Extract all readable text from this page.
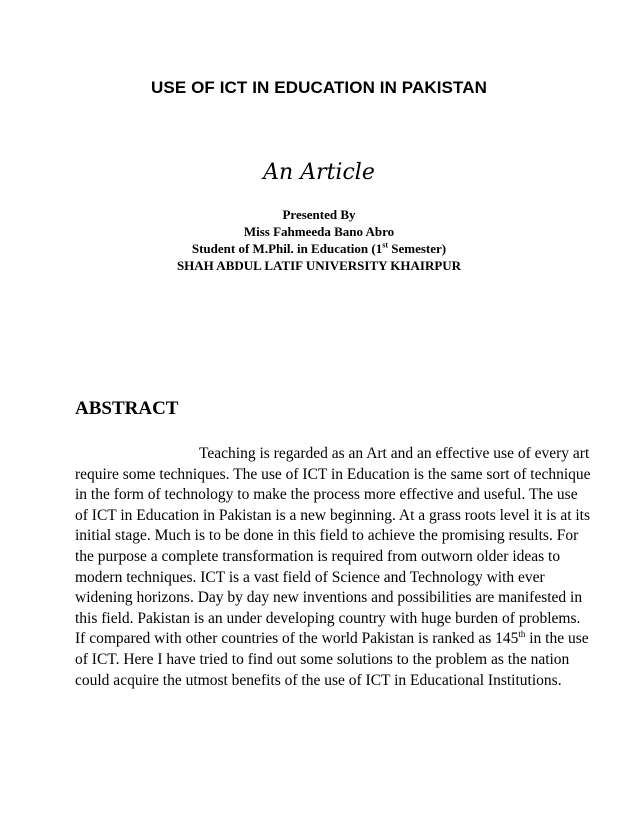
USE OF ICT IN EDUCATION IN PAKISTAN
An Article
Presented By
Miss Fahmeeda Bano Abro
Student of M.Phil. in Education (1st Semester)
SHAH ABDUL LATIF UNIVERSITY KHAIRPUR
ABSTRACT
Teaching is regarded as an Art and an effective use of every art
require some techniques. The use of ICT in Education is the same sort of technique
in the form of technology to make the process more effective and useful. The use
of ICT in Education in Pakistan is a new beginning. At a grass roots level it is at its
initial stage. Much is to be done in this field to achieve the promising results. For
the purpose a complete transformation is required from outworn older ideas to
modern techniques. ICT is a vast field of Science and Technology with ever
widening horizons. Day by day new inventions and possibilities are manifested in
this field. Pakistan is an under developing country with huge burden of problems.
If compared with other countries of the world Pakistan is ranked as 145th in the use
of ICT. Here I have tried to find out some solutions to the problem as the nation
could acquire the utmost benefits of the use of ICT in Educational Institutions.
